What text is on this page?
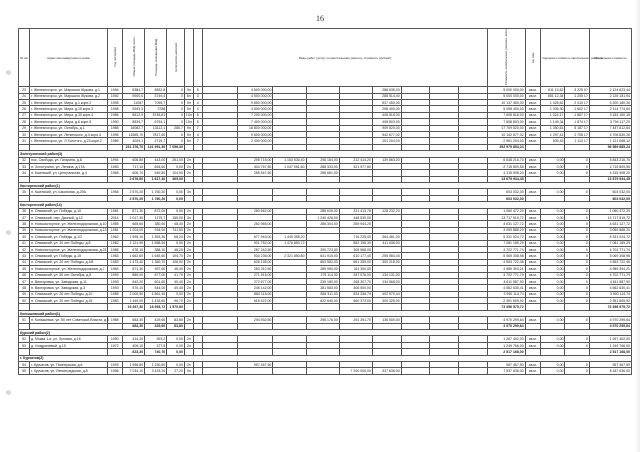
16
№ п/п	Адрес многоквартирного дома	Год постройки	Общая площадь МКД, всего	Площадь помещений МКД	Количество жителей			Виды работ (услуг) по капитальному ремонту, стоимость (рублей)									Стоимость капитального ремонта, всего	ед. изм.	Удельная стоимость капитального ремонта		Предельная стоимость
23	г. Железногорск, ул. Маршала Жукова, д.1	1994	8384,7	5832,8	0	9л	5		4 500 000,00				288 635,00				5 000 000,00	кв.м.	611 13,62	3 225 0?	2 124 623,44
24	г. Железногорск, ул. Маршала Жукова, д.2	1992	5900,0	3749,4	0	6л	3		4 500 000,00				288 514,40				5 000 000,00	кв.м.	851 12,34	1 205 1?	2 125 181,94
25	г. Железногорск, ул. Мира, д.1 корп.2	1995	11087	7095,7	0	9л	4		9 850 000,00				537 450,00				10 137 450,00	кв.м.	1 428,62	2 410 1?	4 200 180,26
26	г. Железногорск, ул. Мира, д.15 корп.3	1998	5393,3	3788	0	9л	4		4 800 000,00				258 400,00				5 058 400,00	кв.м.	1 335,30	1 602 1?	2 114 774,64
27	г. Железногорск, ул. Мира, д.30 корп.4	1986	8512,9	5745,81	0	10л	5		7 200 000,00				408 818,00				7 608 818,00	кв.м.	1 324,17	1 867 1?	3 183 150,16
28	г. Железногорск, ул. Мира, д.6 корп.5	1990	8534,7	6794,1	0	10л	5		7 400 000,00				408 803,00				7 808 803,00	кв.м.	1 149,34	1 874 1?	3 794 117,20
29	г. Железногорск, ул. Октябрь, д.1	1985	16082,7	13112,1	285,7	9л	7		16 800 000,00				909 520,00				17 709 520,00	кв.м.	1 350,61	5 187 1?	7 447 612,84
30	г. Железногорск, ул. Ленинского, д.4 корп.4	1995	11565,70	7817,60	0	9л	4		9 600 000,00				542 677,02				10 142 677,02	кв.м.	1 297,41	2 708 1?	4 706 830,26
31	г. Железногорск, ул. Л.Толстого, д.23 корп.2	1989	4029,1	2715,7	0	5л	7		2 400 000,00				151 204,00				2 551 204,00	кв.м.	939,43	1 110 1?	1 121 068,12
			231 376,70	141 951,30	7 056,30												392 979 853,24				96 589 885,24
Золотухинский район(3)																					
32	пос. Свобода, ул. Гагарина, д.8	1994	606,80	443,00	251,00	2л			295 715,00	1 163 530,40	298 184,00	212 414,20	139 863,20				6 648 216,70	кв.м.	0,00	0	5 843 216,70
33	п. Золотухино, ул. Ленина, д.17А	1963	717,10	654,60	0,00	2л			304 767,50	1 047 061,60	288 333,00	321 977,80					2 715 809,55	кв.м.	0,00	0	2 715 809,55
34	п. Кшенский, ул. Центральная, д.4	1965	606,70	549,80	104,90	2л			285 547,50		288 681,00						4 315 908,20	кв.м.	0,00	0	4 315 908,20
			2 676,80	1 617,40	365,00												13 679 934,45				13 679 934,45
Касторенский район(1)																					
35	п. Кшенский, ул. Школьная, д.29А	1956	2 570,20	1 760,20	0,00	3л											603 032,00	кв.м.	0,00	0	603 032,00
			2 570,20	1 760,20	0,00												603 032,00				603 032,00
Касторенский район(14)																					
36	п. Олымский, ул. Победы, д.10	1981	871,30	872,00	0,00	2л			280 562,00		288 639,00	321 413,78	128 232,20				1 060 472,20	кв.м.	0,00	0	1 060 472,20
37	п. Олымский, пер. Дачный, д.12	2014	2 017,30	1175,7	155,00	3л					1 240 426,00	448 530,00					13 717 519,72	кв.м.	0,00	0	13 717 519,72
38	п. Новокасторное, ул. Железнодорожная, д.10	1985	665,60	380,60	48,40	2л			282 965,00		286 304,00	289 944,20					4 631 127,72	кв.м.	0,00	0	4 631 127,72
39	п. Новокасторное, ул. Железнодорожная, д.13	1981	1 004,00	934,00	741,50	2л											3 059 888,20	кв.м.	0,00	0	3 059 888,20
40	п. Олымский, ул. Победы, д.1/2	1962	1 595,10	1 553,30	68,20	2л			677 943,00	1 445 355,20		716 225,00	364 481,00				5 331 024,72	кв.м.	0,00	0	5 331 024,72
41	п. Олымский, ул. 20 лет Победы, д.8	1982	2 121,90	1 558,54	0,00	2л			901 782,00	1 476 850,72		852 195,30	411 636,00				7 081 189,29	кв.м.	0,00	0	7 081 189,29
42	п. Новокасторное, ул. Железнодорожная, д.23	1985	678,10	388,10	48,20	2л			287 242,50		290 723,00	305 568,00					4 702 771,74	кв.м.	0,00	0	4 702 771,74
43	п. Олымский, ул. Победы, д.15	1983	1 662,60	1 645,60	104,70	2л			934 235,00	2 321 850,80	641 915,00	610 177,40	255 984,40				5 069 308,98	кв.м.	0,00	0	5 069 308,98
44	п. Олымский, ул. 20 лет Победы, д.1/8	1983	1 473,40	1 350,70	106,00	2л			626 195,00		663 582,00	661 259,00	300 218,00				4 553 722,46	кв.м.	0,00	0	4 553 722,46
45	п. Новокасторное, ул. Железнодорожная, д.7	1964	871,30	357,60	48,30	2л			283 312,50		285 950,00	311 300,00					4 989 394,21	кв.м.	0,00	0	4 989 394,21
46	п. Олымский, ул. 50 лет Октября, д.8	1993	889,00	877,00	41,70	2л			271 915,00		275 114,00	287 076,00	134 131,00				4 702 771,79	кв.м.	0,00	0	4 702 771,79
47	п. Викторовка, ул. Заводская, д.11	1993	642,20	601,60	40,40	2л			272 677,00		239 180,00	268 307,70	134 568,00				4 611 587,90	кв.м.	0,00	0	4 611 587,90
48	п. Викторовка, ул. Заводская, д.3	1993	570,10	544,00	40,40	2л			246 142,00		281 583,00	306 000,00					4 562 630,41	кв.м.	0,00	0	4 562 630,41
49	п. Олымский, ул. 20 лет Победы, д.10	1985	2 000,90	1 861,40	0,00	2л			884 115,00		884 311,00	834 336,79	402 570,44				3 990 114,74	кв.м.	0,00	0	3 990 114,74
50	п. Олымский, ул. 20 лет Победы, д.15	1983	1 449,00	1 433,60	96,70	2л			615 422,00		622 640,00	660 372,00	300 325,00				2 351 605,92	кв.м.	0,00	0	2 351 605,92
			19 267,30	16 953,72	1 570,60												73 356 575,72				73 356 575,72
Конышевский район(1)																					
51	п. Конышевка, ул. 50 лет Советской Власти, д.5	1985	683,30	429,60	83,80	2л			294 932,50		298 176,00	291 291,70	136 500,00				4 970 299,64	кв.м.	0,00	0	4 970 299,64
			683,30	429,60	83,80												4 970 299,64				4 970 299,64
Курский район(2)																					
52	д. Моква 1-я, ул. Луговая, д.18	1990	414,20	393,2	0,00	2л											1 267 402,00	кв.м.	0,00	0	1 267 402,00
53	д. Ноздрачевый, д.15	1972	409,10	377,5	0,00	2л											1 249 766,00	кв.м.	0,00	0	1 249 766,00
			823,30	740,70	0,00												2 517 168,00				2 517 168,00
г. Курчатов(2)																					
54	г. Курчатов, ул. Пионерская, д.6	1993	1 956,80	1 230,60	0,00	2л			957 467,50								957 467,50	кв.м.	0,00	0	957 467,50
55	г. Курчатов, ул. Ленинградская, д.8	1996	7 034,10	3 433,20	27,20	9л						7 200 000,00	337 636,00				7 537 636,00	кв.м.	0,00	0	8 187 636,00
